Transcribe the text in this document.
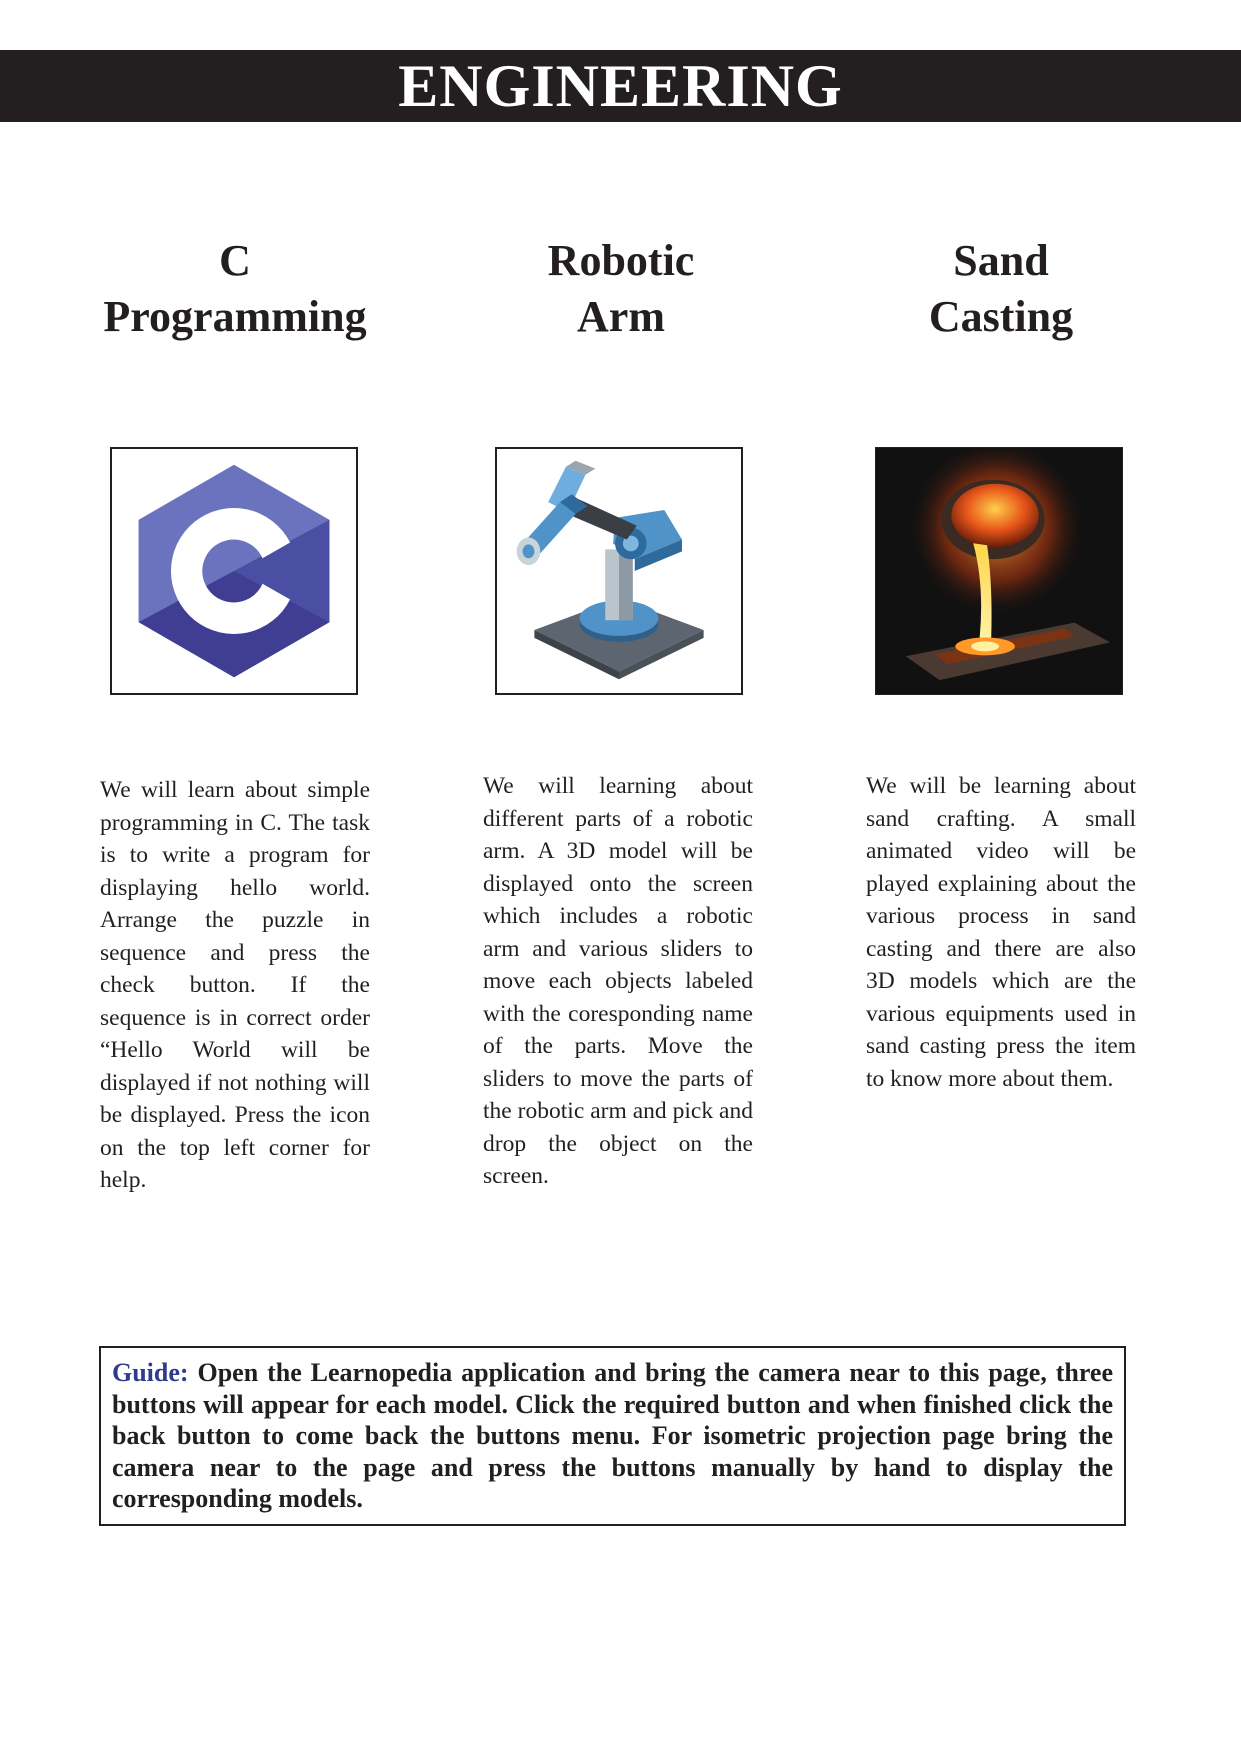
ENGINEERING
C
Programming
We will learn about simple programming in C. The task is to write a program for displaying hello world. Arrange the puzzle in sequence and press the check button. If the sequence is in correct order “Hello World will be displayed if not nothing will be displayed. Press the icon on the top left corner for help.
Robotic
Arm
We will learning about different parts of a robotic arm. A 3D model will be displayed onto the screen which includes a robotic arm and various sliders to move each objects labeled with the coresponding name of the parts. Move the sliders to move the parts of the robotic arm and pick and drop the object on the screen.
Sand
Casting
We will be learning about sand crafting. A small animated video will be played explaining about the various process in sand casting and there are also 3D models which are the various equipments used in sand casting press the item to know more about them.
Guide: Open the Learnopedia application and bring the camera near to this page, three buttons will appear for each model. Click the required button and when finished click the back button to come back the buttons menu. For isometric projection page bring the camera near to the page and press the buttons manually by hand to display the corresponding models.
